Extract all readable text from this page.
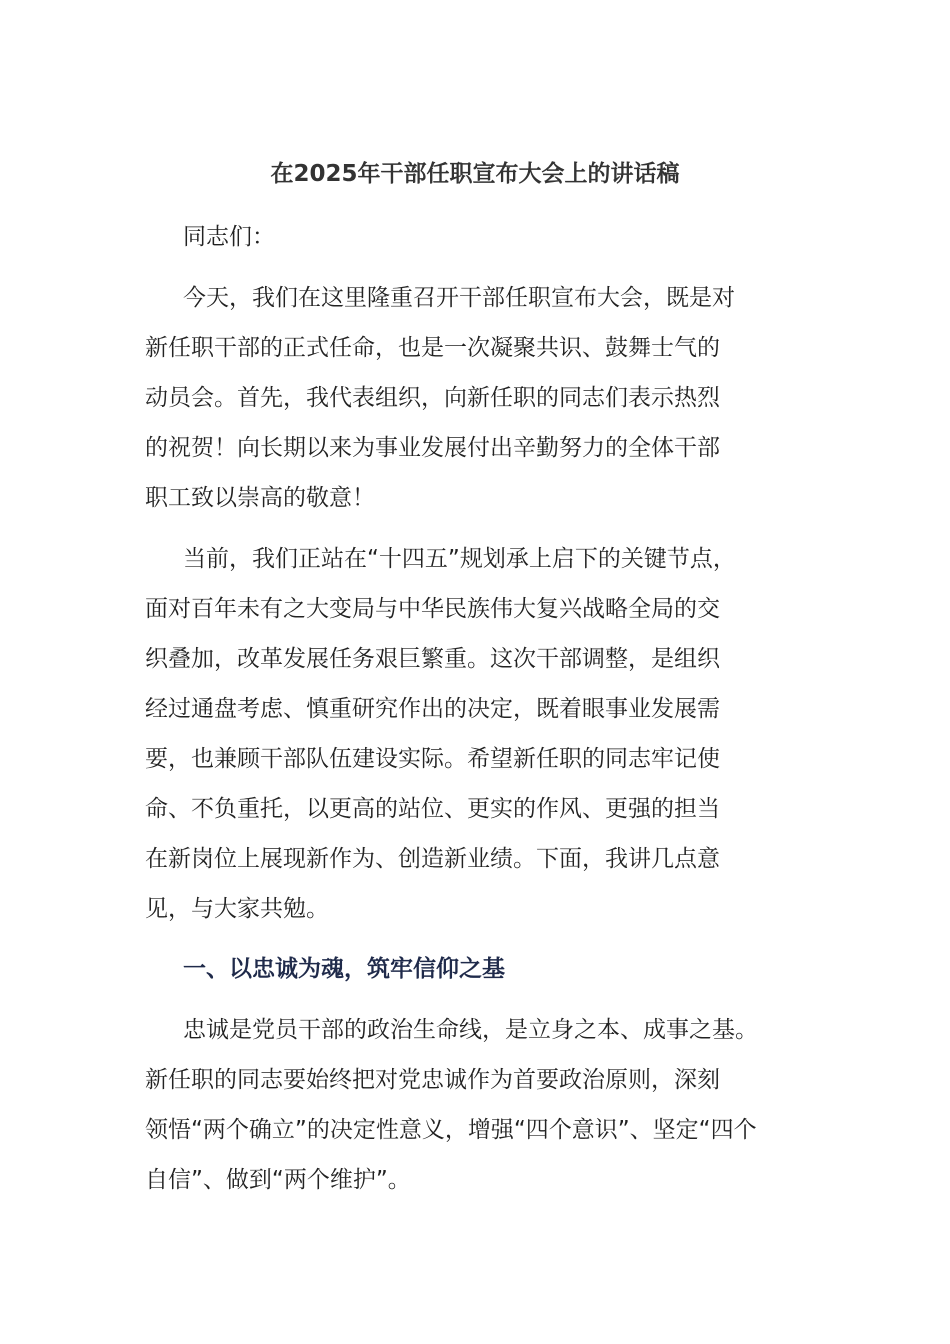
在2025年干部任职宣布大会上的讲话稿
同志们：
今天，我们在这里隆重召开干部任职宣布大会，既是对
新任职干部的正式任命，也是一次凝聚共识、鼓舞士气的
动员会。首先，我代表组织，向新任职的同志们表示热烈
的祝贺！向长期以来为事业发展付出辛勤努力的全体干部
职工致以崇高的敬意！
当前，我们正站在“十四五”规划承上启下的关键节点，
面对百年未有之大变局与中华民族伟大复兴战略全局的交
织叠加，改革发展任务艰巨繁重。这次干部调整，是组织
经过通盘考虑、慎重研究作出的决定，既着眼事业发展需
要，也兼顾干部队伍建设实际。希望新任职的同志牢记使
命、不负重托，以更高的站位、更实的作风、更强的担当
在新岗位上展现新作为、创造新业绩。下面，我讲几点意
见，与大家共勉。
一、以忠诚为魂，筑牢信仰之基
忠诚是党员干部的政治生命线，是立身之本、成事之基。
新任职的同志要始终把对党忠诚作为首要政治原则，深刻
领悟“两个确立”的决定性意义，增强“四个意识”、坚定“四个
自信”、做到“两个维护”。
